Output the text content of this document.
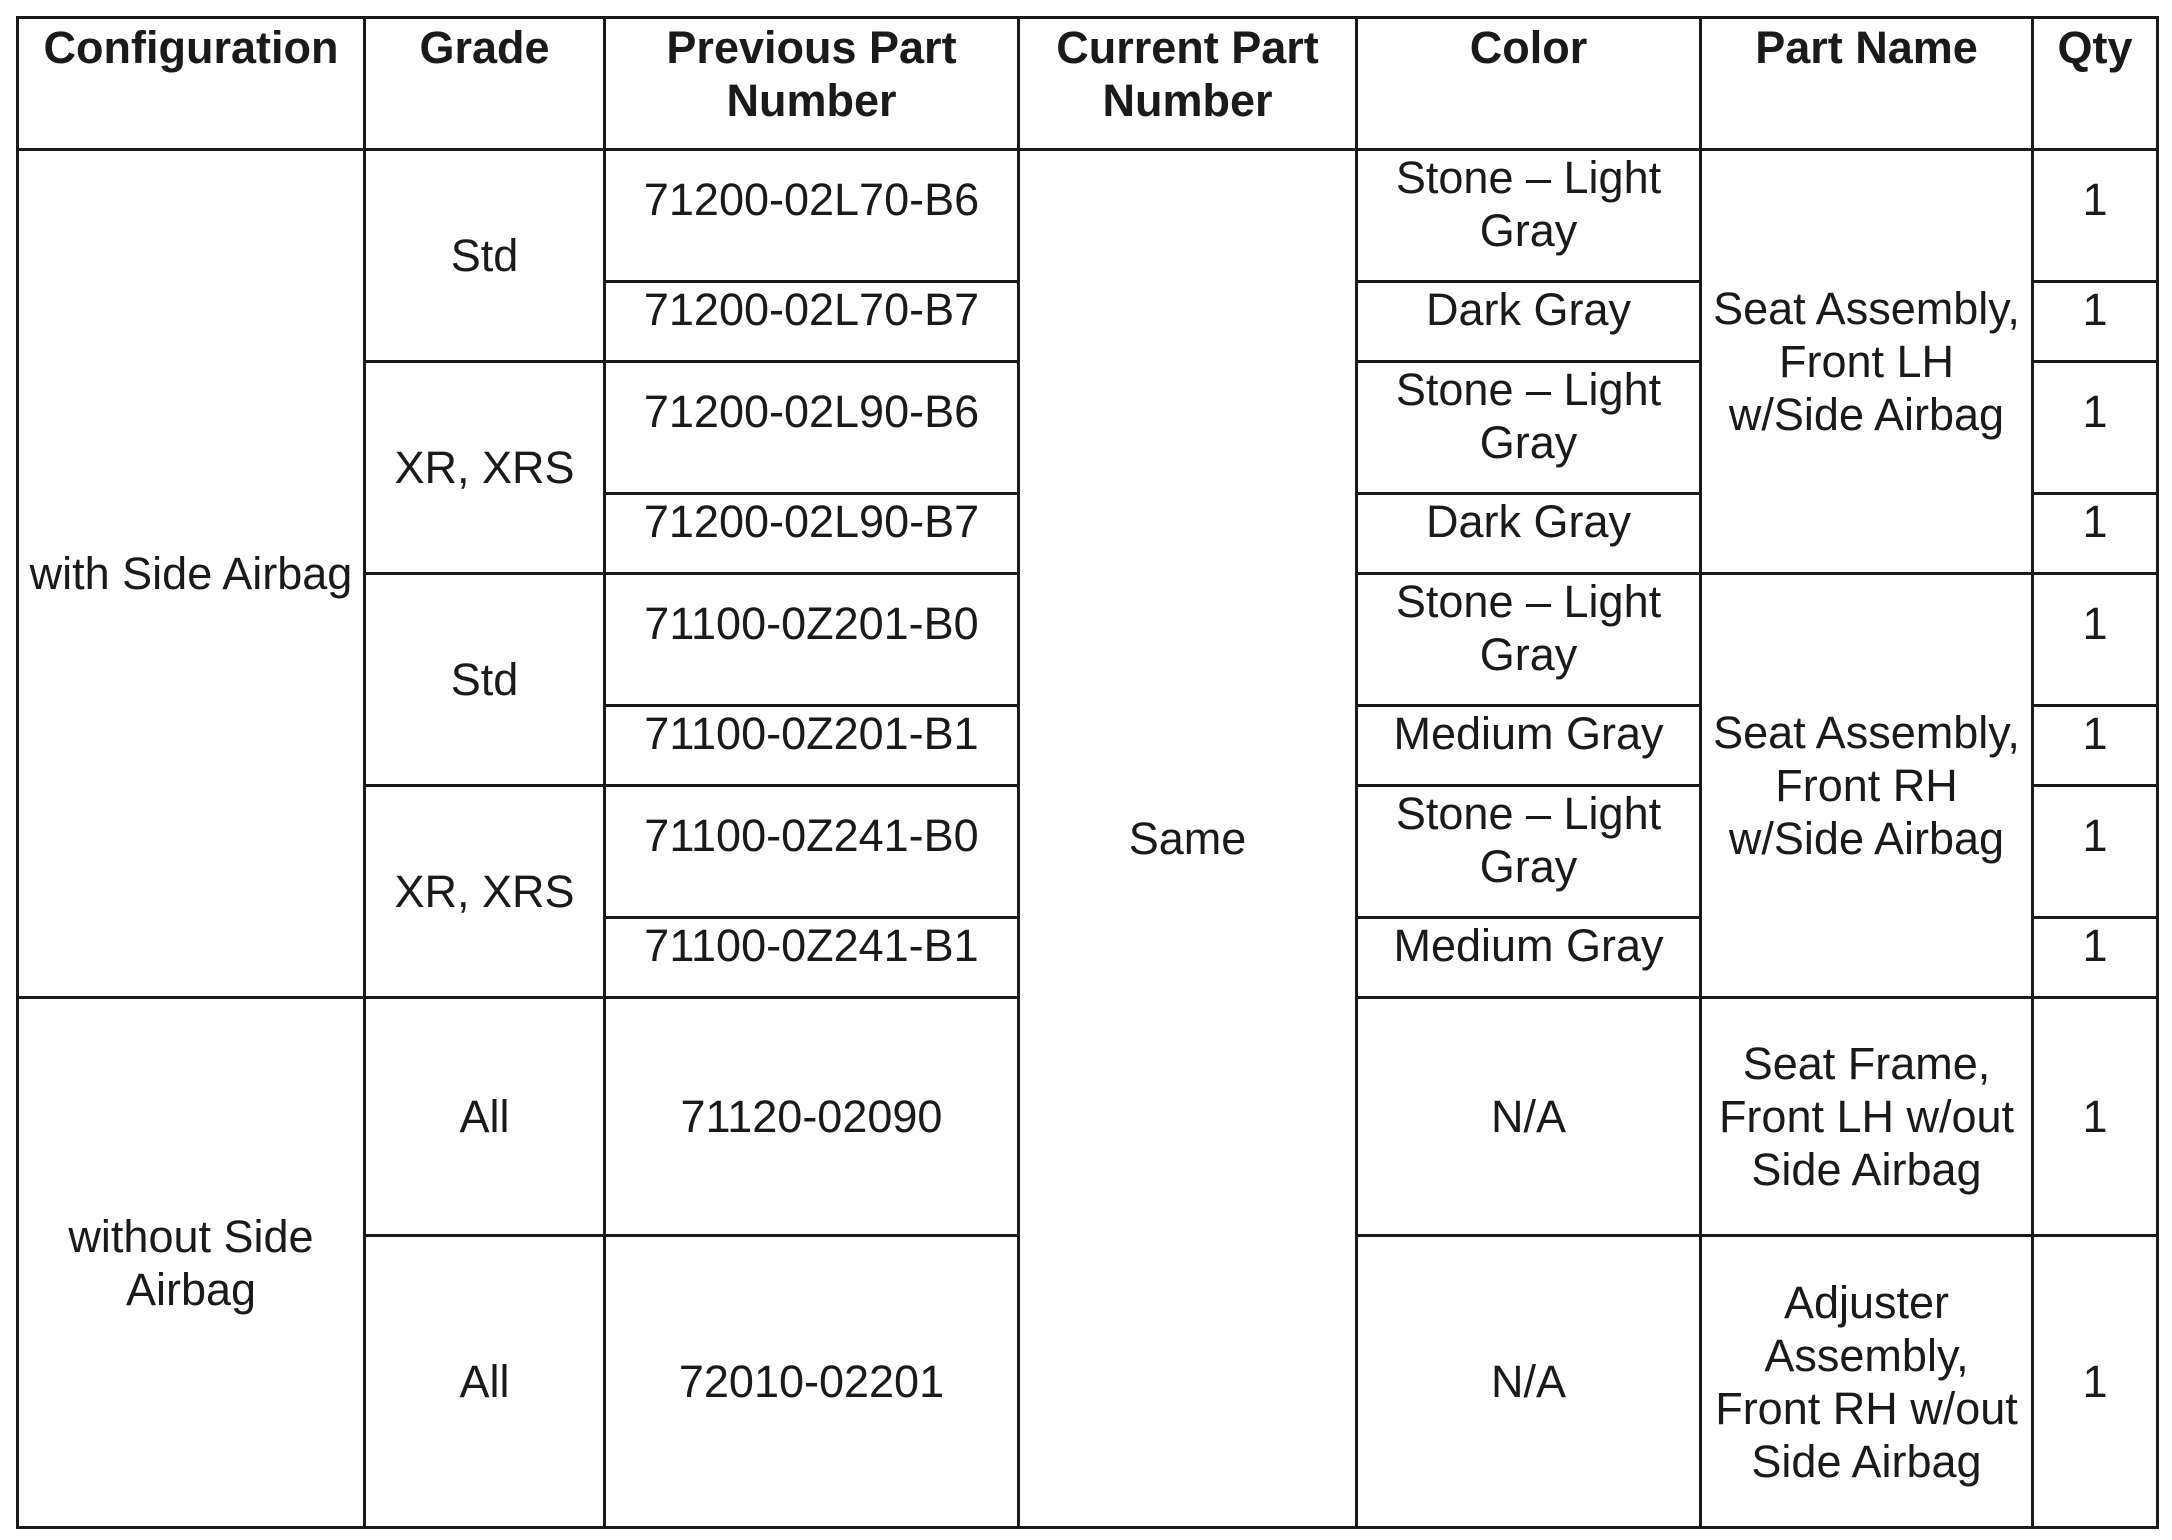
Configuration	Grade	Previous Part Number	Current Part Number	Color	Part Name	Qty
with Side Airbag	Std	71200-02L70-B6	Same	Stone – Light Gray	Seat Assembly, Front LH w/Side Airbag	1
		71200-02L70-B7		Dark Gray		1
	XR, XRS	71200-02L90-B6		Stone – Light Gray		1
		71200-02L90-B7		Dark Gray		1
	Std	71100-0Z201-B0		Stone – Light Gray	Seat Assembly, Front RH w/Side Airbag	1
		71100-0Z201-B1		Medium Gray		1
	XR, XRS	71100-0Z241-B0		Stone – Light Gray		1
		71100-0Z241-B1		Medium Gray		1
without Side Airbag	All	71120-02090		N/A	Seat Frame, Front LH w/out Side Airbag	1
	All	72010-02201		N/A	Adjuster Assembly, Front RH w/out Side Airbag	1
